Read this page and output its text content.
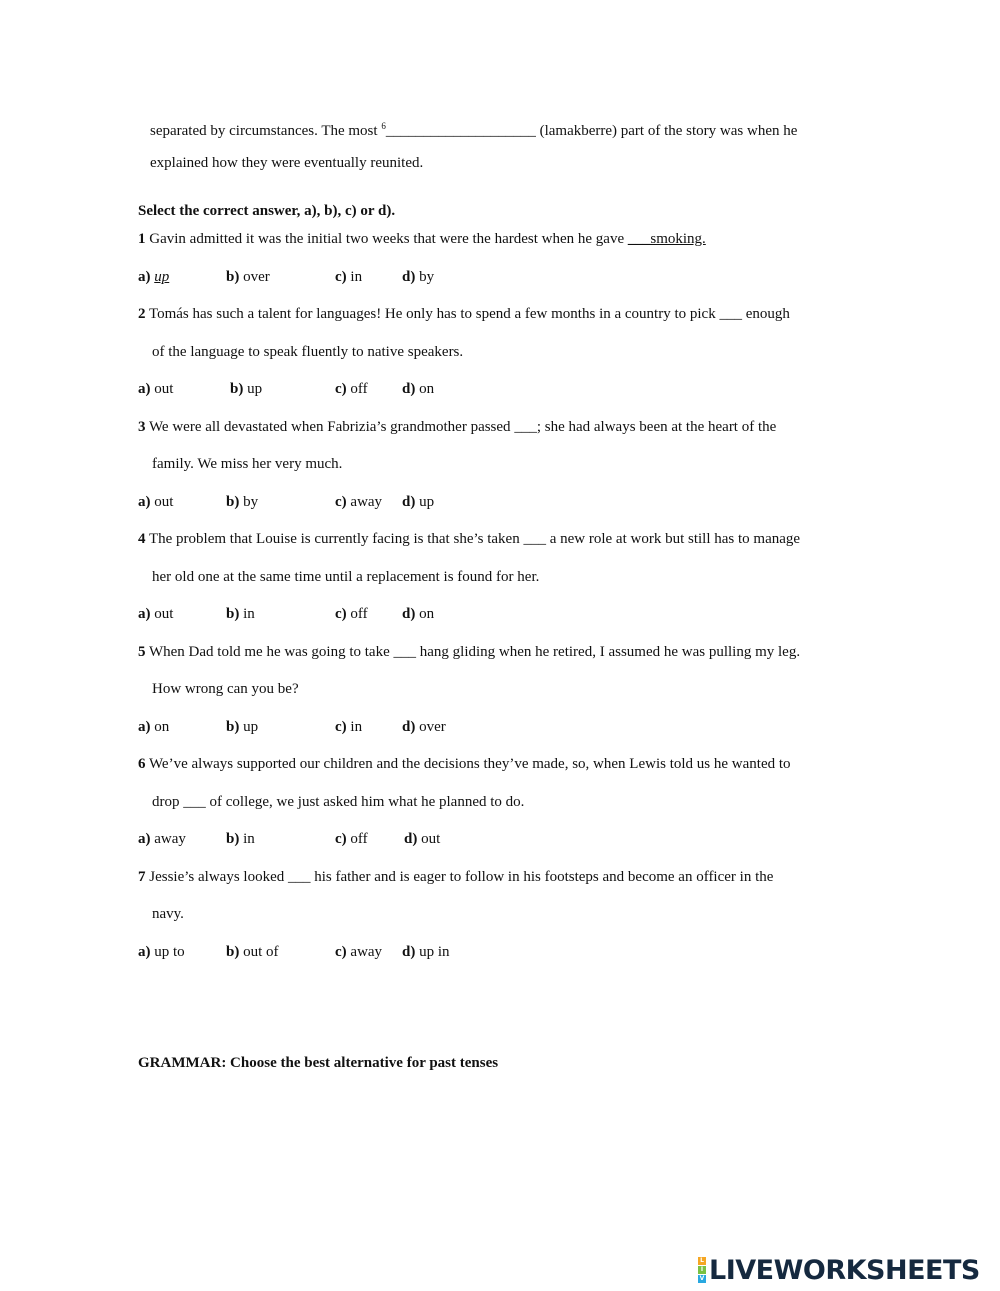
separated by circumstances. The most $^6$____________________ (lamakberre) part of the story was when he
explained how they were eventually reunited.
Select the correct answer, a), b), c) or d).
1 Gavin admitted it was the initial two weeks that were the hardest when he gave ___smoking.
a) up	b) over	c) in	d) by
2 Tomás has such a talent for languages! He only has to spend a few months in a country to pick ___ enough
of the language to speak fluently to native speakers.
a) out	b) up	c) off d) on
3 We were all devastated when Fabrizia’s grandmother passed ___; she had always been at the heart of the
family. We miss her very much.
a) out	b) by	c) away d) up
4 The problem that Louise is currently facing is that she’s taken ___ a new role at work but still has to manage
her old one at the same time until a replacement is found for her.
a) out	b) in	c) off d) on
5 When Dad told me he was going to take ___ hang gliding when he retired, I assumed he was pulling my leg.
How wrong can you be?
a) on	b) up	c) in	d) over
6 We’ve always supported our children and the decisions they’ve made, so, when Lewis told us he wanted to
drop ___ of college, we just asked him what he planned to do.
a) away	b) in	c) off d) out
7 Jessie’s always looked ___ his father and is eager to follow in his footsteps and become an officer in the
navy.
a) up to	b) out of	c) away d) up in
GRAMMAR: Choose the best alternative for past tenses
L
I
V LIVEWORKSHEETS
